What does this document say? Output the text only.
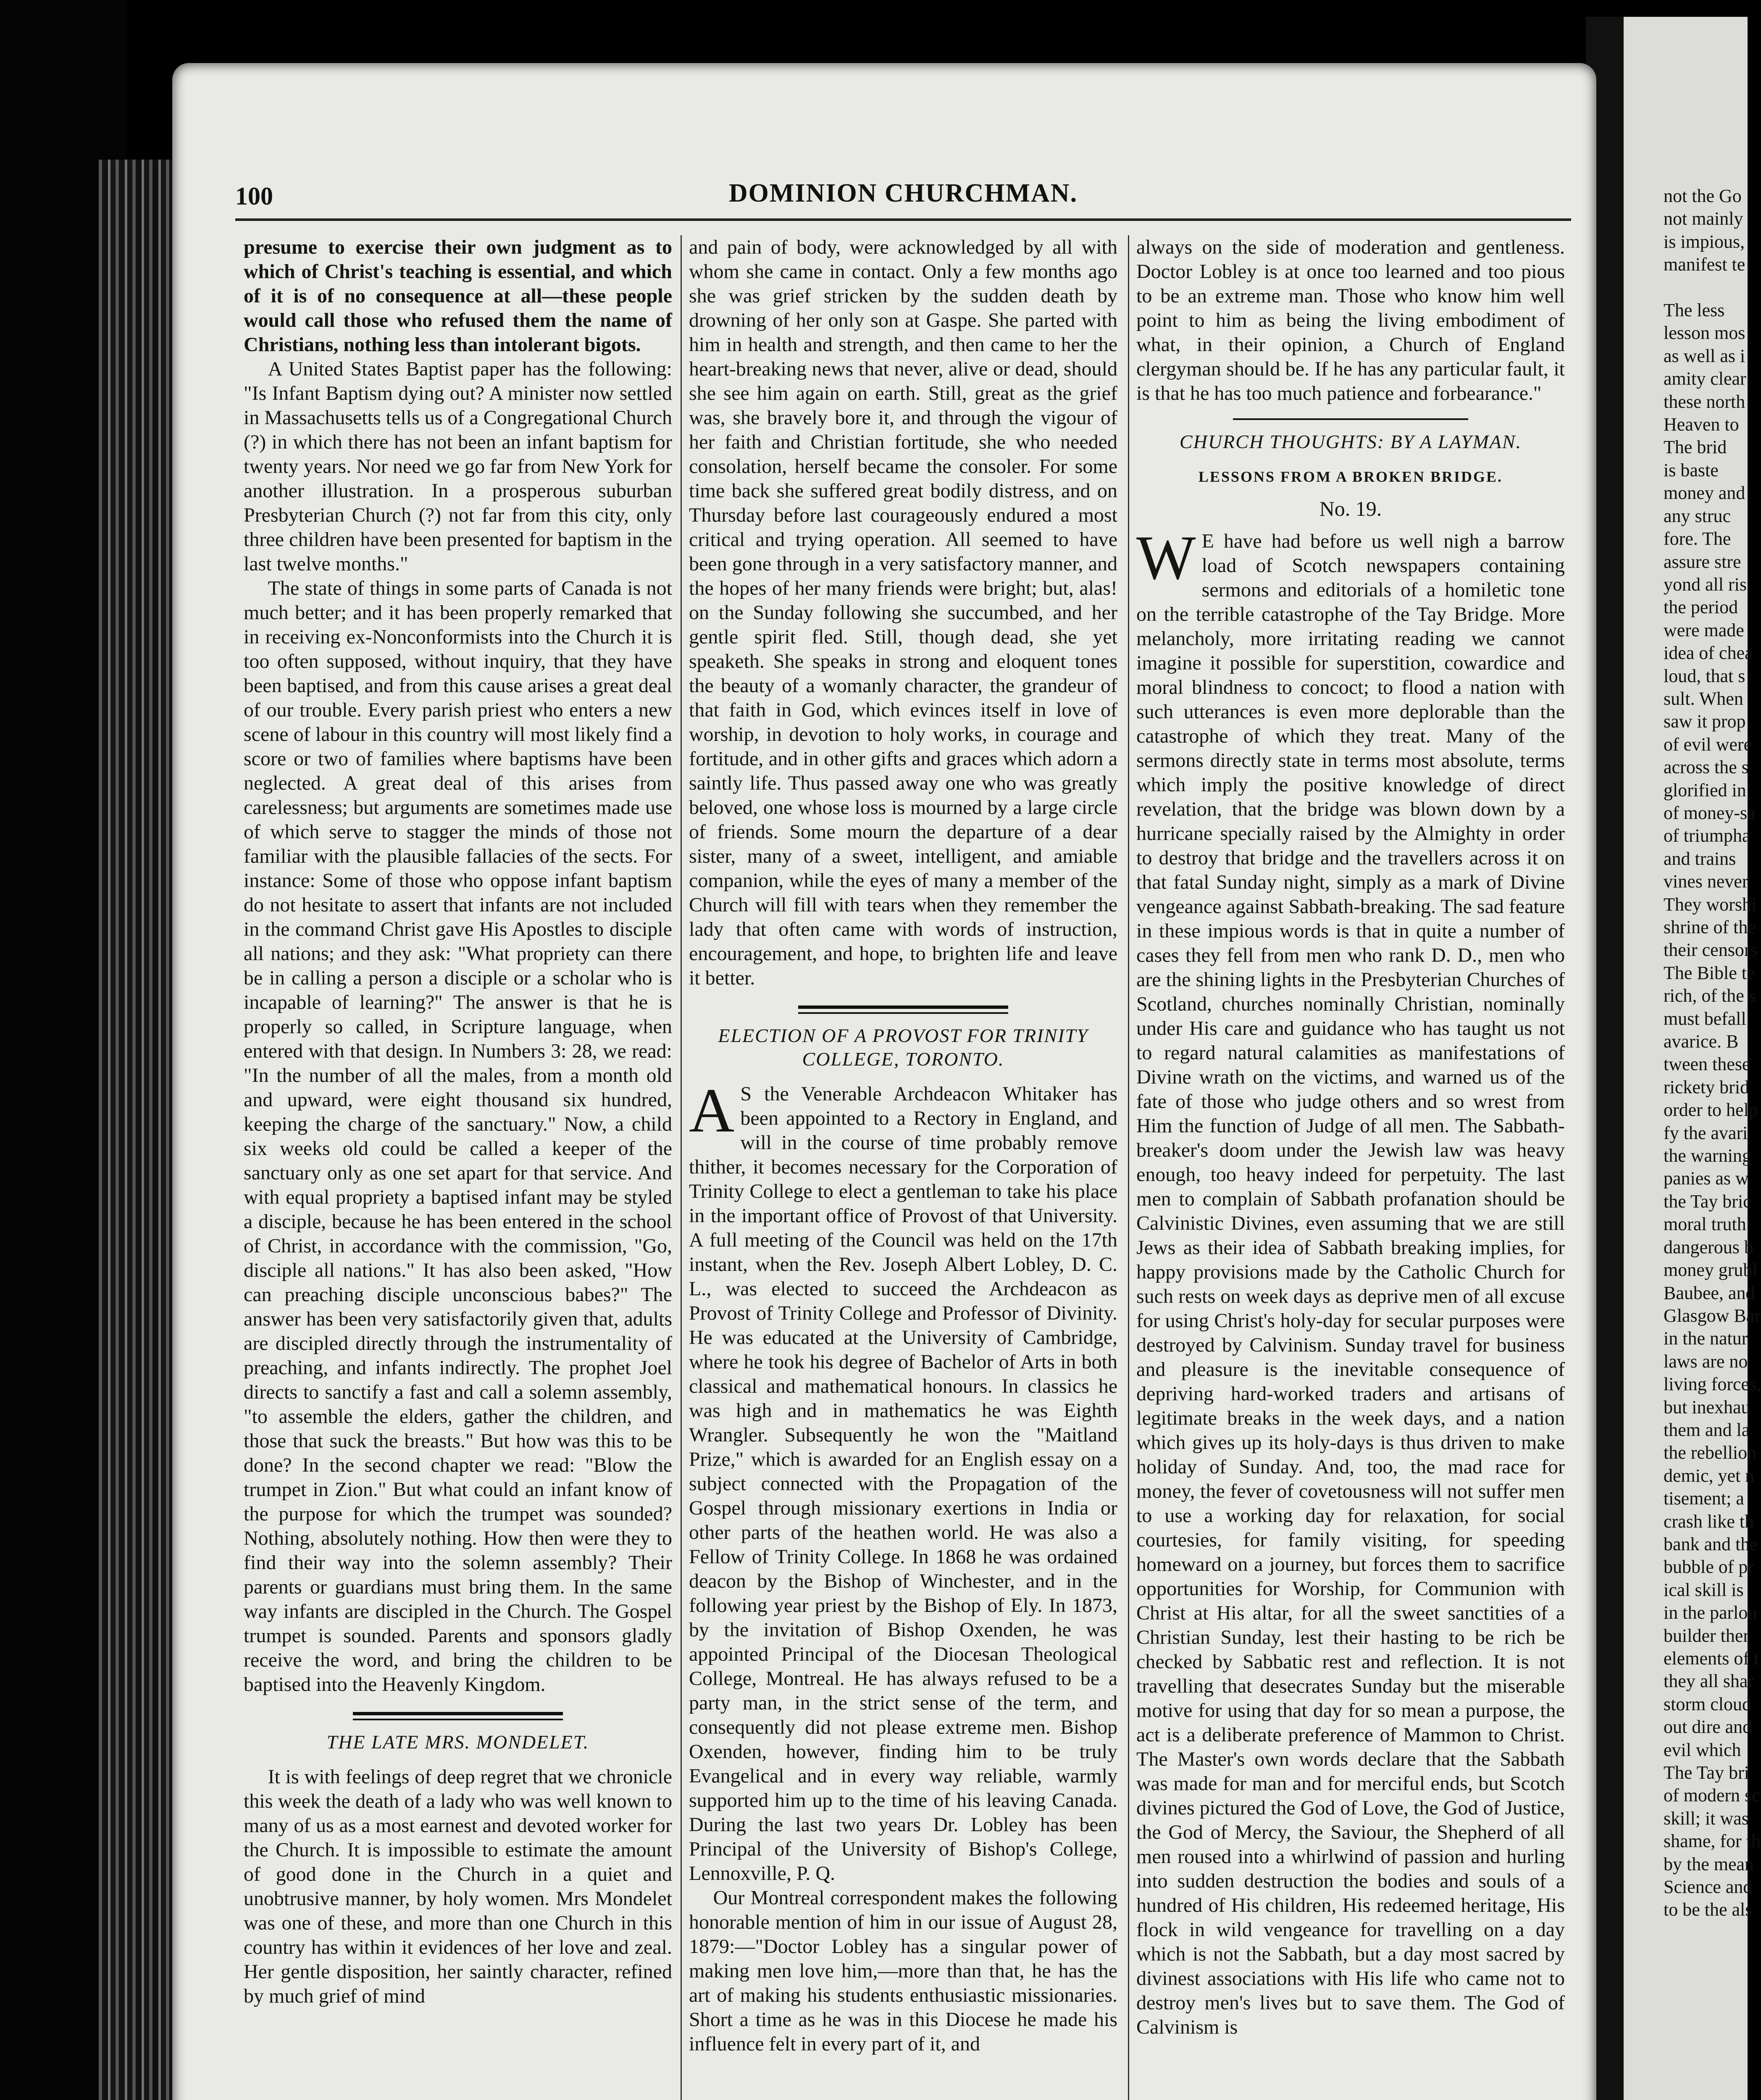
not the Go
not mainly
is impious,
manifest te

The less
lesson mos
as well as i
amity clear
these north
Heaven to
The brid
is baste
money and
any struc
fore. The
assure stre
yond all ris
the period
were made
idea of chea
loud, that s
sult. When
saw it prop
of evil were
across the s
glorified in
of money-sa
of triumpha
and trains
vines never
They worshi
shrine of the
their censors
The Bible te
rich, of the s
must befall
avarice. B
tween these
rickety brid
order to help
fy the avari
the warning
panies as w
the Tay bric
moral truth
dangerous b
money grubl
Baubee, and
Glasgow Bar
in the natur
laws are no
living forces,
but inexhau
them and la
the rebellion
demic, yet n
tisement; a
crash like th
bank and the
bubble of pr
ical skill is
in the parlou
builder ther
elements of t
they all shar
storm cloud
out dire and
evil which
The Tay bri
of modern sc
skill; it was
shame, for th
by the mean
Science and
to be the als
100	DOMINION CHURCHMAN.

presume to exercise their own judgment as to which of Christ's teaching is essential, and which of it is of no consequence at all—these people would call those who refused them the name of Christians, nothing less than intolerant bigots.

A United States Baptist paper has the following: "Is Infant Baptism dying out? A minister now settled in Massachusetts tells us of a Congregational Church (?) in which there has not been an infant baptism for twenty years. Nor need we go far from New York for another illustration. In a prosperous suburban Presbyterian Church (?) not far from this city, only three children have been presented for baptism in the last twelve months."

The state of things in some parts of Canada is not much better; and it has been properly remarked that in receiving ex-Nonconformists into the Church it is too often supposed, without inquiry, that they have been baptised, and from this cause arises a great deal of our trouble. Every parish priest who enters a new scene of labour in this country will most likely find a score or two of families where baptisms have been neglected. A great deal of this arises from carelessness; but arguments are sometimes made use of which serve to stagger the minds of those not familiar with the plausible fallacies of the sects. For instance: Some of those who oppose infant baptism do not hesitate to assert that infants are not included in the command Christ gave His Apostles to disciple all nations; and they ask: "What propriety can there be in calling a person a disciple or a scholar who is incapable of learning?" The answer is that he is properly so called, in Scripture language, when entered with that design. In Numbers 3: 28, we read: "In the number of all the males, from a month old and upward, were eight thousand six hundred, keeping the charge of the sanctuary." Now, a child six weeks old could be called a keeper of the sanctuary only as one set apart for that service. And with equal propriety a baptised infant may be styled a disciple, because he has been entered in the school of Christ, in accordance with the commission, "Go, disciple all nations." It has also been asked, "How can preaching disciple unconscious babes?" The answer has been very satisfactorily given that, adults are discipled directly through the instrumentality of preaching, and infants indirectly. The prophet Joel directs to sanctify a fast and call a solemn assembly, "to assemble the elders, gather the children, and those that suck the breasts." But how was this to be done? In the second chapter we read: "Blow the trumpet in Zion." But what could an infant know of the purpose for which the trumpet was sounded? Nothing, absolutely nothing. How then were they to find their way into the solemn assembly? Their parents or guardians must bring them. In the same way infants are discipled in the Church. The Gospel trumpet is sounded. Parents and sponsors gladly receive the word, and bring the children to be baptised into the Heavenly Kingdom.

THE LATE MRS. MONDELET.

It is with feelings of deep regret that we chronicle this week the death of a lady who was well known to many of us as a most earnest and devoted worker for the Church. It is impossible to estimate the amount of good done in the Church in a quiet and unobtrusive manner, by holy women. Mrs Mondelet was one of these, and more than one Church in this country has within it evidences of her love and zeal. Her gentle disposition, her saintly character, refined by much grief of mind

and pain of body, were acknowledged by all with whom she came in contact. Only a few months ago she was grief stricken by the sudden death by drowning of her only son at Gaspe. She parted with him in health and strength, and then came to her the heart-breaking news that never, alive or dead, should she see him again on earth. Still, great as the grief was, she bravely bore it, and through the vigour of her faith and Christian fortitude, she who needed consolation, herself became the consoler. For some time back she suffered great bodily distress, and on Thursday before last courageously endured a most critical and trying operation. All seemed to have been gone through in a very satisfactory manner, and the hopes of her many friends were bright; but, alas! on the Sunday following she succumbed, and her gentle spirit fled. Still, though dead, she yet speaketh. She speaks in strong and eloquent tones the beauty of a womanly character, the grandeur of that faith in God, which evinces itself in love of worship, in devotion to holy works, in courage and fortitude, and in other gifts and graces which adorn a saintly life. Thus passed away one who was greatly beloved, one whose loss is mourned by a large circle of friends. Some mourn the departure of a dear sister, many of a sweet, intelligent, and amiable companion, while the eyes of many a member of the Church will fill with tears when they remember the lady that often came with words of instruction, encouragement, and hope, to brighten life and leave it better.

ELECTION OF A PROVOST FOR TRINITY COLLEGE, TORONTO.

A S the Venerable Archdeacon Whitaker has been appointed to a Rectory in England, and will in the course of time probably remove thither, it becomes necessary for the Corporation of Trinity College to elect a gentleman to take his place in the important office of Provost of that University. A full meeting of the Council was held on the 17th instant, when the Rev. Joseph Albert Lobley, D. C. L., was elected to succeed the Archdeacon as Provost of Trinity College and Professor of Divinity. He was educated at the University of Cambridge, where he took his degree of Bachelor of Arts in both classical and mathematical honours. In classics he was high and in mathematics he was Eighth Wrangler. Subsequently he won the "Maitland Prize," which is awarded for an English essay on a subject connected with the Propagation of the Gospel through missionary exertions in India or other parts of the heathen world. He was also a Fellow of Trinity College. In 1868 he was ordained deacon by the Bishop of Winchester, and in the following year priest by the Bishop of Ely. In 1873, by the invitation of Bishop Oxenden, he was appointed Principal of the Diocesan Theological College, Montreal. He has always refused to be a party man, in the strict sense of the term, and consequently did not please extreme men. Bishop Oxenden, however, finding him to be truly Evangelical and in every way reliable, warmly supported him up to the time of his leaving Canada. During the last two years Dr. Lobley has been Principal of the University of Bishop's College, Lennoxville, P. Q.

Our Montreal correspondent makes the following honorable mention of him in our issue of August 28, 1879:—"Doctor Lobley has a singular power of making men love him,—more than that, he has the art of making his students enthusiastic missionaries. Short a time as he was in this Diocese he made his influence felt in every part of it, and

always on the side of moderation and gentleness. Doctor Lobley is at once too learned and too pious to be an extreme man. Those who know him well point to him as being the living embodiment of what, in their opinion, a Church of England clergyman should be. If he has any particular fault, it is that he has too much patience and forbearance."

CHURCH THOUGHTS: BY A LAYMAN.
LESSONS FROM A BROKEN BRIDGE.
No. 19.

W E have had before us well nigh a barrow load of Scotch newspapers containing sermons and editorials of a homiletic tone on the terrible catastrophe of the Tay Bridge. More melancholy, more irritating reading we cannot imagine it possible for superstition, cowardice and moral blindness to concoct; to flood a nation with such utterances is even more deplorable than the catastrophe of which they treat. Many of the sermons directly state in terms most absolute, terms which imply the positive knowledge of direct revelation, that the bridge was blown down by a hurricane specially raised by the Almighty in order to destroy that bridge and the travellers across it on that fatal Sunday night, simply as a mark of Divine vengeance against Sabbath-breaking. The sad feature in these impious words is that in quite a number of cases they fell from men who rank D. D., men who are the shining lights in the Presbyterian Churches of Scotland, churches nominally Christian, nominally under His care and guidance who has taught us not to regard natural calamities as manifestations of Divine wrath on the victims, and warned us of the fate of those who judge others and so wrest from Him the function of Judge of all men. The Sabbath-breaker's doom under the Jewish law was heavy enough, too heavy indeed for perpetuity. The last men to complain of Sabbath profanation should be Calvinistic Divines, even assuming that we are still Jews as their idea of Sabbath breaking implies, for happy provisions made by the Catholic Church for such rests on week days as deprive men of all excuse for using Christ's holy-day for secular purposes were destroyed by Calvinism. Sunday travel for business and pleasure is the inevitable consequence of depriving hard-worked traders and artisans of legitimate breaks in the week days, and a nation which gives up its holy-days is thus driven to make holiday of Sunday. And, too, the mad race for money, the fever of covetousness will not suffer men to use a working day for relaxation, for social courtesies, for family visiting, for speeding homeward on a journey, but forces them to sacrifice opportunities for Worship, for Communion with Christ at His altar, for all the sweet sanctities of a Christian Sunday, lest their hasting to be rich be checked by Sabbatic rest and reflection. It is not travelling that desecrates Sunday but the miserable motive for using that day for so mean a purpose, the act is a deliberate preference of Mammon to Christ. The Master's own words declare that the Sabbath was made for man and for merciful ends, but Scotch divines pictured the God of Love, the God of Justice, the God of Mercy, the Saviour, the Shepherd of all men roused into a whirlwind of passion and hurling into sudden destruction the bodies and souls of a hundred of His children, His redeemed heritage, His flock in wild vengeance for travelling on a day which is not the Sabbath, but a day most sacred by divinest associations with His life who came not to destroy men's lives but to save them. The God of Calvinism is
